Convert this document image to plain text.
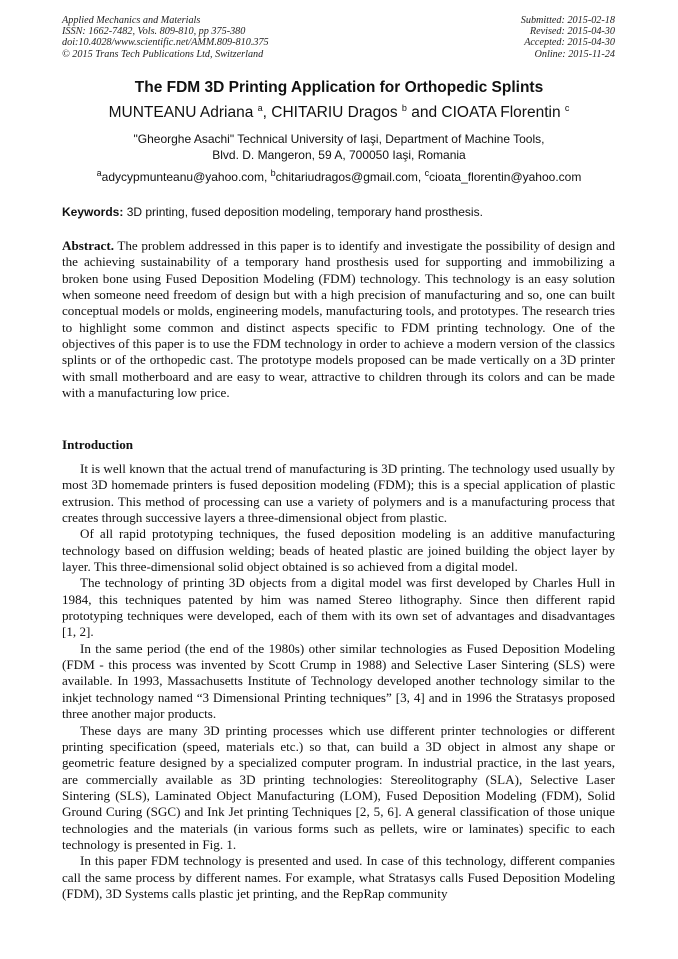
Applied Mechanics and Materials
ISSN: 1662-7482, Vols. 809-810, pp 375-380
doi:10.4028/www.scientific.net/AMM.809-810.375
© 2015 Trans Tech Publications Ltd, Switzerland
Submitted: 2015-02-18
Revised: 2015-04-30
Accepted: 2015-04-30
Online: 2015-11-24
The FDM 3D Printing Application for Orthopedic Splints
MUNTEANU Adriana $^a$, CHITARIU Dragos $^b$ and CIOATA Florentin $^c$
"Gheorghe Asachi" Technical University of Iaşi, Department of Machine Tools,
Blvd. D. Mangeron, 59 A, 700050 Iaşi, Romania
$^a$adycypmunteanu@yahoo.com, $^b$chitariudragos@gmail.com, $^c$cioata_florentin@yahoo.com
Keywords: 3D printing, fused deposition modeling, temporary hand prosthesis.
Abstract. The problem addressed in this paper is to identify and investigate the possibility of design and the achieving sustainability of a temporary hand prosthesis used for supporting and immobilizing a broken bone using Fused Deposition Modeling (FDM) technology. This technology is an easy solution when someone need freedom of design but with a high precision of manufacturing and so, one can built conceptual models or molds, engineering models, manufacturing tools, and prototypes. The research tries to highlight some common and distinct aspects specific to FDM printing technology. One of the objectives of this paper is to use the FDM technology in order to achieve a modern version of the classics splints or of the orthopedic cast. The prototype models proposed can be made vertically on a 3D printer with small motherboard and are easy to wear, attractive to children through its colors and can be made with a manufacturing low price.
Introduction

It is well known that the actual trend of manufacturing is 3D printing. The technology used usually by most 3D homemade printers is fused deposition modeling (FDM); this is a special application of plastic extrusion. This method of processing can use a variety of polymers and is a manufacturing process that creates through successive layers a three-dimensional object from plastic.

Of all rapid prototyping techniques, the fused deposition modeling is an additive manufacturing technology based on diffusion welding; beads of heated plastic are joined building the object layer by layer. This three-dimensional solid object obtained is so achieved from a digital model.

The technology of printing 3D objects from a digital model was first developed by Charles Hull in 1984, this techniques patented by him was named Stereo lithography. Since then different rapid prototyping techniques were developed, each of them with its own set of advantages and disadvantages [1, 2].

In the same period (the end of the 1980s) other similar technologies as Fused Deposition Modeling (FDM - this process was invented by Scott Crump in 1988) and Selective Laser Sintering (SLS) were available. In 1993, Massachusetts Institute of Technology developed another technology similar to the inkjet technology named “3 Dimensional Printing techniques” [3, 4] and in 1996 the Stratasys proposed three another major products.

These days are many 3D printing processes which use different printer technologies or different printing specification (speed, materials etc.) so that, can build a 3D object in almost any shape or geometric feature designed by a specialized computer program. In industrial practice, in the last years, are commercially available as 3D printing technologies: Stereolitography (SLA), Selective Laser Sintering (SLS), Laminated Object Manufacturing (LOM), Fused Deposition Modeling (FDM), Solid Ground Curing (SGC) and Ink Jet printing Techniques [2, 5, 6]. A general classification of those unique technologies and the materials (in various forms such as pellets, wire or laminates) specific to each technology is presented in Fig. 1.

In this paper FDM technology is presented and used. In case of this technology, different companies call the same process by different names. For example, what Stratasys calls Fused Deposition Modeling (FDM), 3D Systems calls plastic jet printing, and the RepRap community
